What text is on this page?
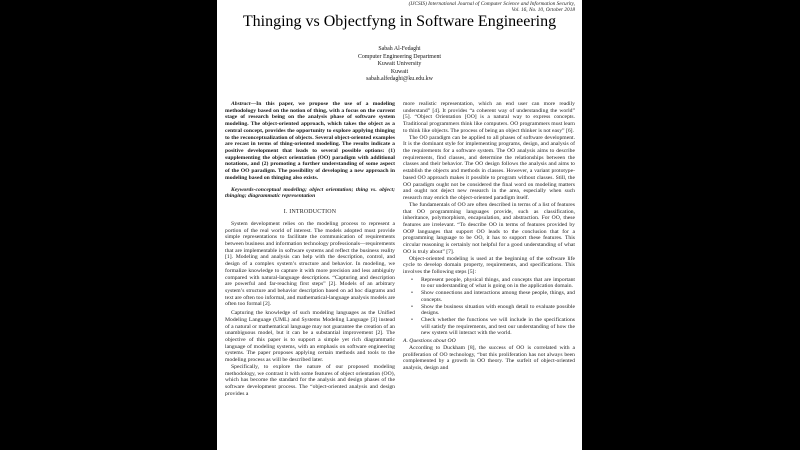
(IJCSIS) International Journal of Computer Science and Information Security,
Vol. 16, No. 10, October 2018
Thinging vs Objectfyng in Software Engineering
Sabah Al-Fedaghi
Computer Engineering Department
Kuwait University
Kuwait
sabah.alfedaghi@ku.edu.kw

Abstract—In this paper, we propose the use of a modeling methodology based on the notion of thing, with a focus on the current stage of research being on the analysis phase of software system modeling. The object-oriented approach, which takes the object as a central concept, provides the opportunity to explore applying thinging to the reconceptualization of objects. Several object-oriented examples are recast in terms of thing-oriented modeling. The results indicate a positive development that leads to several possible options: (1) supplementing the object orientation (OO) paradigm with additional notations, and (2) promoting a further understanding of some aspect of the OO paradigm. The possibility of developing a new approach in modeling based on thinging also exists.

Keywords-conceptual modeling; object orientation; thing vs. object; thinging; diagrammatic representation

I. INTRODUCTION

System development relies on the modeling process to represent a portion of the real world of interest. The models adopted must provide simple representations to facilitate the communication of requirements between business and information technology professionals—requirements that are implementable in software systems and reflect the business reality [1]. Modeling and analysis can help with the description, control, and design of a complex system’s structure and behavior. In modeling, we formalize knowledge to capture it with more precision and less ambiguity compared with natural-language descriptions. “Capturing and description are powerful and far-reaching first steps” [2]. Models of an arbitrary system’s structure and behavior description based on ad hoc diagrams and text are often too informal, and mathematical-language analysis models are often too formal [2].

Capturing the knowledge of such modeling languages as the Unified Modeling Language (UML) and Systems Modeling Language [3] instead of a natural or mathematical language may not guarantee the creation of an unambiguous model, but it can be a substantial improvement [2]. The objective of this paper is to support a simple yet rich diagrammatic language of modeling systems, with an emphasis on software engineering systems. The paper proposes applying certain methods and tools to the modeling process as will be described later.

Specifically, to explore the nature of our proposed modeling methodology, we contrast it with some features of object orientation (OO), which has become the standard for the analysis and design phases of the software development process. The “object-oriented analysis and design provides a

more realistic representation, which an end user can more readily understand” [4]. It provides “a coherent way of understanding the world” [5]. “Object Orientation [OO] is a natural way to express concepts. Traditional programmers think like computers. OO programmers must learn to think like objects. The process of being an object thinker is not easy” [6].

The OO paradigm can be applied to all phases of software development. It is the dominant style for implementing programs, design, and analysis of the requirements for a software system. The OO analysis aims to describe requirements, find classes, and determine the relationships between the classes and their behavior. The OO design follows the analysis and aims to establish the objects and methods in classes. However, a variant prototype-based OO approach makes it possible to program without classes. Still, the OO paradigm ought not be considered the final word on modeling matters and ought not deject new research in the area, especially when such research may enrich the object-oriented paradigm itself.

The fundamentals of OO are often described in terms of a list of features that OO programming languages provide, such as classification, inheritance, polymorphism, encapsulation, and abstraction. For OO, these features are irrelevant. “To describe OO in terms of features provided by OOP languages that support OO leads to the conclusion that for a programming language to be OO, it has to support these features. This circular reasoning is certainly not helpful for a good understanding of what OO is truly about” [7].

Object-oriented modeling is used at the beginning of the software life cycle to develop domain property, requirements, and specifications. This involves the following steps [5]:

• Represent people, physical things, and concepts that are important to our understanding of what is going on in the application domain.
• Show connections and interactions among these people, things, and concepts.
• Show the business situation with enough detail to evaluate possible designs.
• Check whether the functions we will include in the specifications will satisfy the requirements, and test our understanding of how the new system will interact with the world.

A. Questions about OO

According to Duckham [8], the success of OO is correlated with a proliferation of OO technology, “but this proliferation has not always been complemented by a growth in OO theory. The surfeit of object-oriented analysis, design and
